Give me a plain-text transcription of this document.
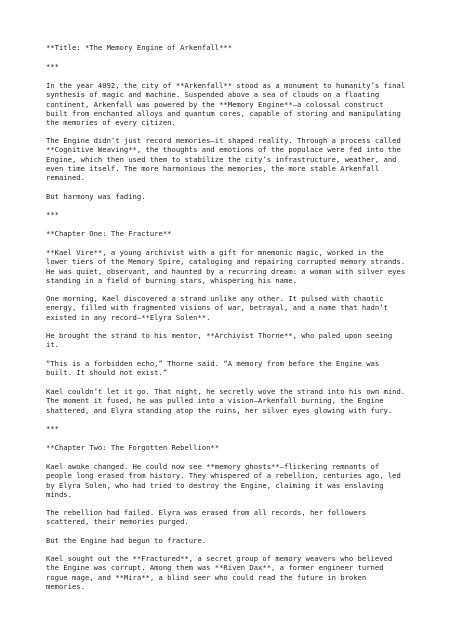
**Title: *The Memory Engine of Arkenfall***

***

In the year 4092, the city of **Arkenfall** stood as a monument to humanity’s final
synthesis of magic and machine. Suspended above a sea of clouds on a floating
continent, Arkenfall was powered by the **Memory Engine**—a colossal construct
built from enchanted alloys and quantum cores, capable of storing and manipulating
the memories of every citizen.

The Engine didn’t just record memories—it shaped reality. Through a process called
**Cognitive Weaving**, the thoughts and emotions of the populace were fed into the
Engine, which then used them to stabilize the city’s infrastructure, weather, and
even time itself. The more harmonious the memories, the more stable Arkenfall
remained.

But harmony was fading.

***

**Chapter One: The Fracture**

**Kael Vire**, a young archivist with a gift for mnemonic magic, worked in the
lower tiers of the Memory Spire, cataloging and repairing corrupted memory strands.
He was quiet, observant, and haunted by a recurring dream: a woman with silver eyes
standing in a field of burning stars, whispering his name.

One morning, Kael discovered a strand unlike any other. It pulsed with chaotic
energy, filled with fragmented visions of war, betrayal, and a name that hadn’t
existed in any record—**Elyra Solen**.

He brought the strand to his mentor, **Archivist Thorne**, who paled upon seeing
it.

“This is a forbidden echo,” Thorne said. “A memory from before the Engine was
built. It should not exist.”

Kael couldn’t let it go. That night, he secretly wove the strand into his own mind.
The moment it fused, he was pulled into a vision—Arkenfall burning, the Engine
shattered, and Elyra standing atop the ruins, her silver eyes glowing with fury.

***

**Chapter Two: The Forgotten Rebellion**

Kael awoke changed. He could now see **memory ghosts**—flickering remnants of
people long erased from history. They whispered of a rebellion, centuries ago, led
by Elyra Solen, who had tried to destroy the Engine, claiming it was enslaving
minds.

The rebellion had failed. Elyra was erased from all records, her followers
scattered, their memories purged.

But the Engine had begun to fracture.

Kael sought out the **Fractured**, a secret group of memory weavers who believed
the Engine was corrupt. Among them was **Riven Dax**, a former engineer turned
rogue mage, and **Mira**, a blind seer who could read the future in broken
memories.
